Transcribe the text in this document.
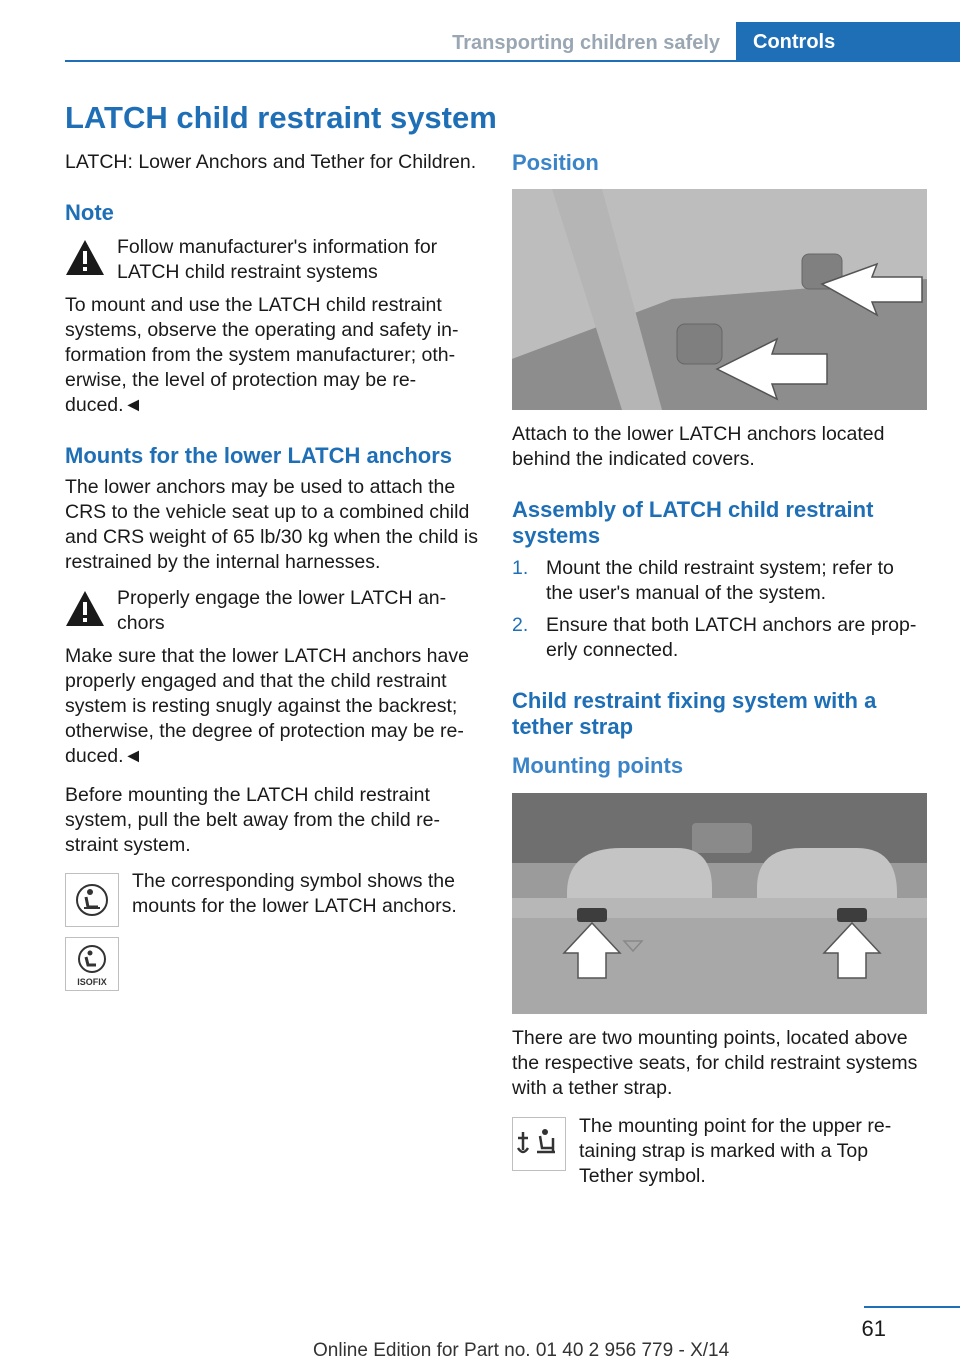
Transporting children safely	Controls
LATCH child restraint system

LATCH: Lower Anchors and Tether for Children.

Note

Follow manufacturer's information for LATCH child restraint systems

To mount and use the LATCH child restraint systems, observe the operating and safety information from the system manufacturer; otherwise, the level of protection may be reduced.◄

Mounts for the lower LATCH anchors

The lower anchors may be used to attach the CRS to the vehicle seat up to a combined child and CRS weight of 65 lb/30 kg when the child is restrained by the internal harnesses.

Properly engage the lower LATCH anchors

Make sure that the lower LATCH anchors have properly engaged and that the child restraint system is resting snugly against the backrest; otherwise, the degree of protection may be reduced.◄

Before mounting the LATCH child restraint system, pull the belt away from the child restraint system.

ISOFIX

The corresponding symbol shows the mounts for the lower LATCH anchors.

Position

Attach to the lower LATCH anchors located behind the indicated covers.

Assembly of LATCH child restraint systems

1. Mount the child restraint system; refer to the user's manual of the system.
2. Ensure that both LATCH anchors are properly connected.

Child restraint fixing system with a tether strap

Mounting points

There are two mounting points, located above the respective seats, for child restraint systems with a tether strap.

The mounting point for the upper retaining strap is marked with a Top Tether symbol.

61
Online Edition for Part no. 01 40 2 956 779 - X/14
